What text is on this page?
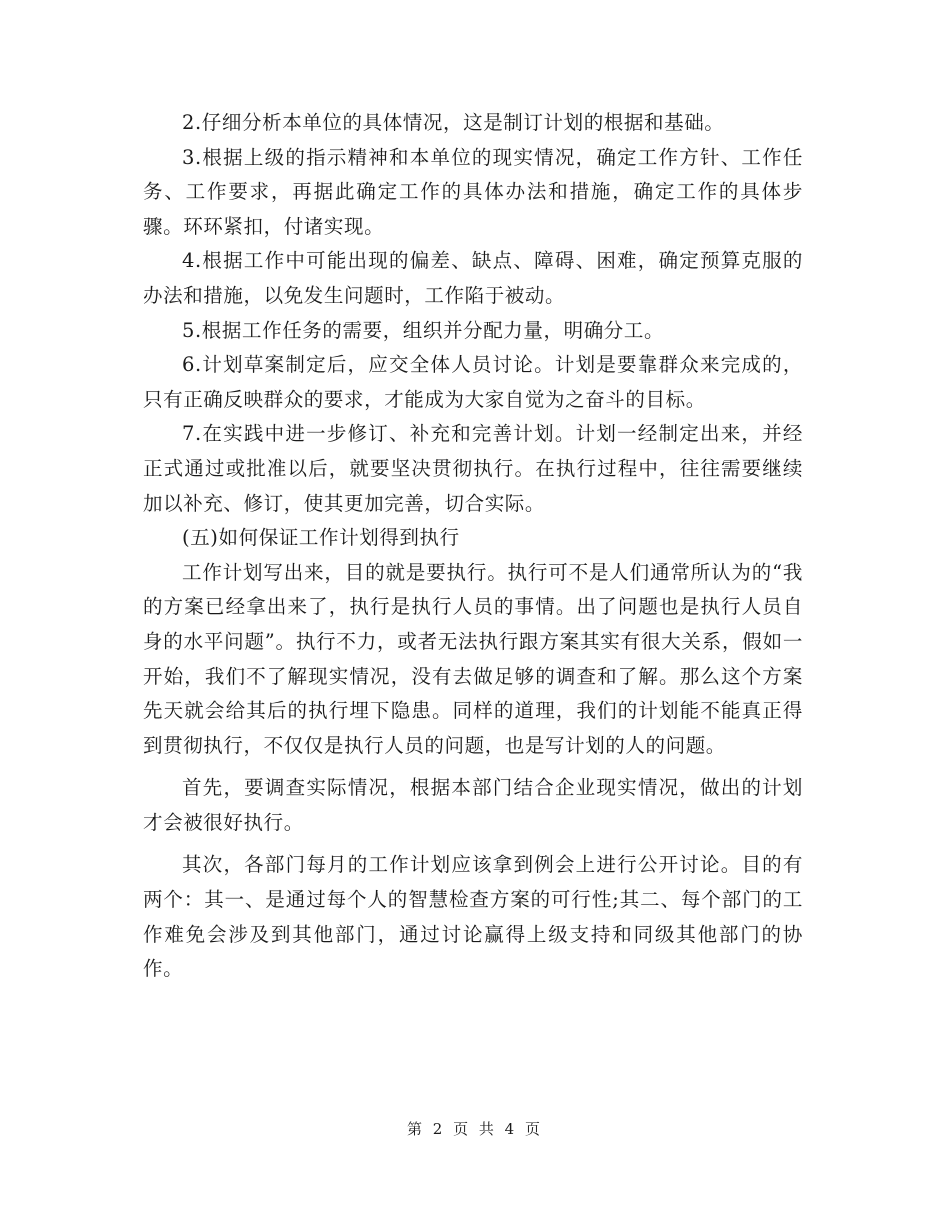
2.仔细分析本单位的具体情况，这是制订计划的根据和基础。

3.根据上级的指示精神和本单位的现实情况，确定工作方针、工作任务、工作要求，再据此确定工作的具体办法和措施，确定工作的具体步骤。环环紧扣，付诸实现。

4.根据工作中可能出现的偏差、缺点、障碍、困难，确定预算克服的办法和措施，以免发生问题时，工作陷于被动。

5.根据工作任务的需要，组织并分配力量，明确分工。

6.计划草案制定后，应交全体人员讨论。计划是要靠群众来完成的，只有正确反映群众的要求，才能成为大家自觉为之奋斗的目标。

7.在实践中进一步修订、补充和完善计划。计划一经制定出来，并经正式通过或批准以后，就要坚决贯彻执行。在执行过程中，往往需要继续加以补充、修订，使其更加完善，切合实际。

(五)如何保证工作计划得到执行

工作计划写出来，目的就是要执行。执行可不是人们通常所认为的“我的方案已经拿出来了，执行是执行人员的事情。出了问题也是执行人员自身的水平问题”。执行不力，或者无法执行跟方案其实有很大关系，假如一开始，我们不了解现实情况，没有去做足够的调查和了解。那么这个方案先天就会给其后的执行埋下隐患。同样的道理，我们的计划能不能真正得到贯彻执行，不仅仅是执行人员的问题，也是写计划的人的问题。

首先，要调查实际情况，根据本部门结合企业现实情况，做出的计划才会被很好执行。

其次，各部门每月的工作计划应该拿到例会上进行公开讨论。目的有两个：其一、是通过每个人的智慧检查方案的可行性;其二、每个部门的工作难免会涉及到其他部门，通过讨论赢得上级支持和同级其他部门的协作。

第 2 页 共 4 页
